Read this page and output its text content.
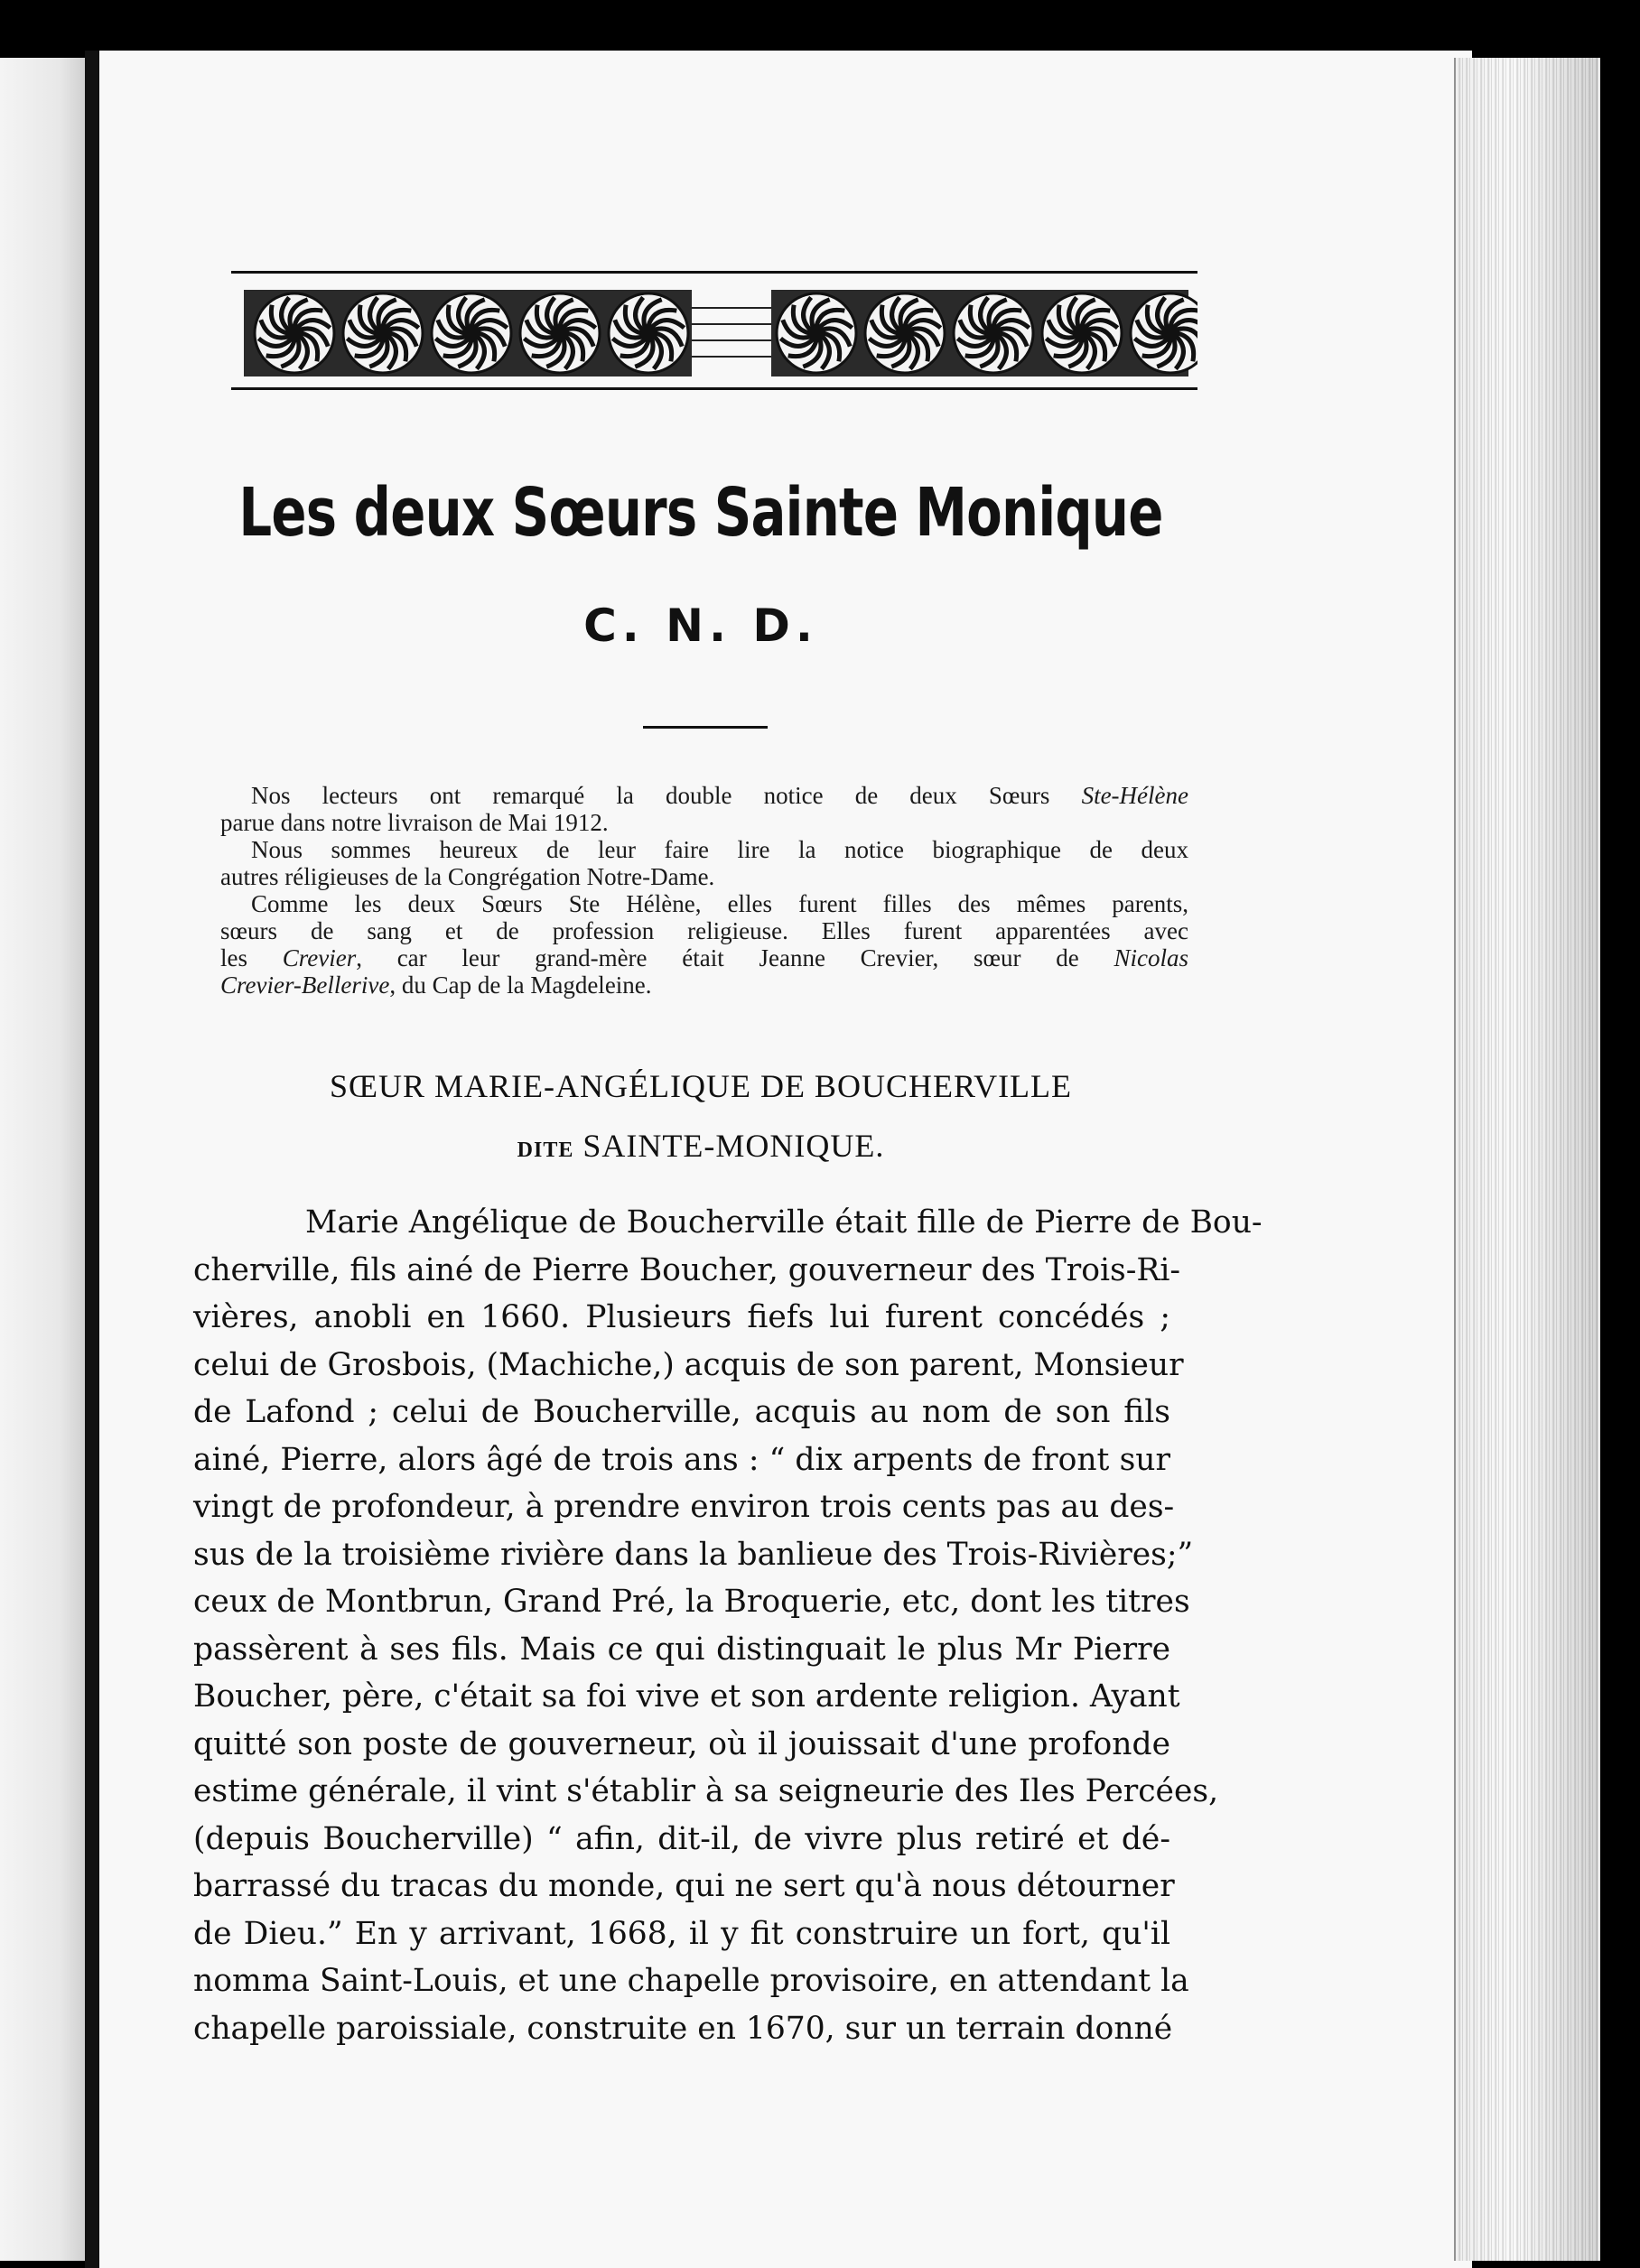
Les deux Sœurs Sainte Monique
C. N. D.
Nos lecteurs ont remarqué la double notice de deux Sœurs Ste-Hélène
parue dans notre livraison de Mai 1912.
Nous sommes heureux de leur faire lire la notice biographique de deux
autres réligieuses de la Congrégation Notre-Dame.
Comme les deux Sœurs Ste Hélène, elles furent filles des mêmes parents,
sœurs de sang et de profession religieuse. Elles furent apparentées avec
les Crevier, car leur grand-mère était Jeanne Crevier, sœur de Nicolas
Crevier-Bellerive, du Cap de la Magdeleine.
SŒUR MARIE-ANGÉLIQUE DE BOUCHERVILLE
DITE SAINTE-MONIQUE.
Marie Angélique de Boucherville était fille de Pierre de Bou-
cherville, fils ainé de Pierre Boucher, gouverneur des Trois-Ri-
vières, anobli en 1660. Plusieurs fiefs lui furent concédés ;
celui de Grosbois, (Machiche,) acquis de son parent, Monsieur
de Lafond ; celui de Boucherville, acquis au nom de son fils
ainé, Pierre, alors âgé de trois ans : “ dix arpents de front sur
vingt de profondeur, à prendre environ trois cents pas au des-
sus de la troisième rivière dans la banlieue des Trois-Rivières;”
ceux de Montbrun, Grand Pré, la Broquerie, etc, dont les titres
passèrent à ses fils. Mais ce qui distinguait le plus Mr Pierre
Boucher, père, c'était sa foi vive et son ardente religion. Ayant
quitté son poste de gouverneur, où il jouissait d'une profonde
estime générale, il vint s'établir à sa seigneurie des Iles Percées,
(depuis Boucherville) “ afin, dit-il, de vivre plus retiré et dé-
barrassé du tracas du monde, qui ne sert qu'à nous détourner
de Dieu.” En y arrivant, 1668, il y fit construire un fort, qu'il
nomma Saint-Louis, et une chapelle provisoire, en attendant la
chapelle paroissiale, construite en 1670, sur un terrain donné
